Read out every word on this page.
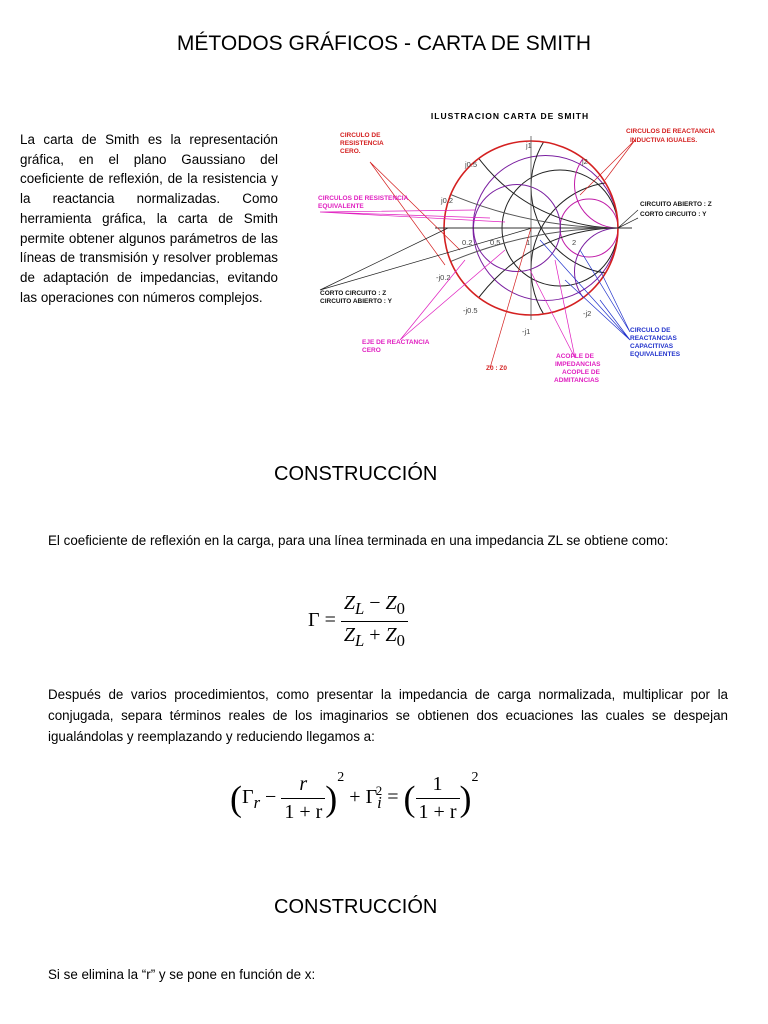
MÉTODOS GRÁFICOS - CARTA DE SMITH
La carta de Smith es la representación gráfica, en el plano Gaussiano del coeficiente de reflexión, de la resistencia y la reactancia normalizadas. Como herramienta gráfica, la carta de Smith permite obtener algunos parámetros de las líneas de transmisión y resolver problemas de adaptación de impedancias, evitando las operaciones con números complejos.
ILUSTRACION CARTA DE SMITH
j1
j2
j0.5
j0.2
0.2 0.5	1	2
-j0.2
-j0.5
-j1
-j2
CIRCULO DE RESISTENCIA CERO.
CIRCULOS DE REACTANCIA INDUCTIVA IGUALES.
CIRCULOS DE RESISTENCIA EQUIVALENTE	CIRCUITO ABIERTO : Z CORTO CIRCUITO : Y
CORTO CIRCUITO : Z CIRCUITO ABIERTO : Y
EJE DE REACTANCIA CERO
Z0 : Z0
ACOPLE DE IMPEDANCIAS ACOPLE DE ADMITANCIAS
CIRCULO DE REACTANCIAS CAPACITIVAS EQUIVALENTES
CONSTRUCCIÓN
El coeficiente de reflexión en la carga, para una línea terminada en una impedancia ZL se obtiene como:
$\Gamma = \frac{Z_L - Z_0}{Z_L + Z_0}$
Después de varios procedimientos, como presentar la impedancia de carga normalizada, multiplicar por la conjugada, separa términos reales de los imaginarios se obtienen dos ecuaciones las cuales se despejan igualándolas y reemplazando y reduciendo llegamos a:
$(\Gamma_r - \frac{r}{1 + r} )^2 + \Gamma_i^2$ = ( $\frac{1}{1 + r} )^2$
CONSTRUCCIÓN
Si se elimina la “r” y se pone en función de x:
